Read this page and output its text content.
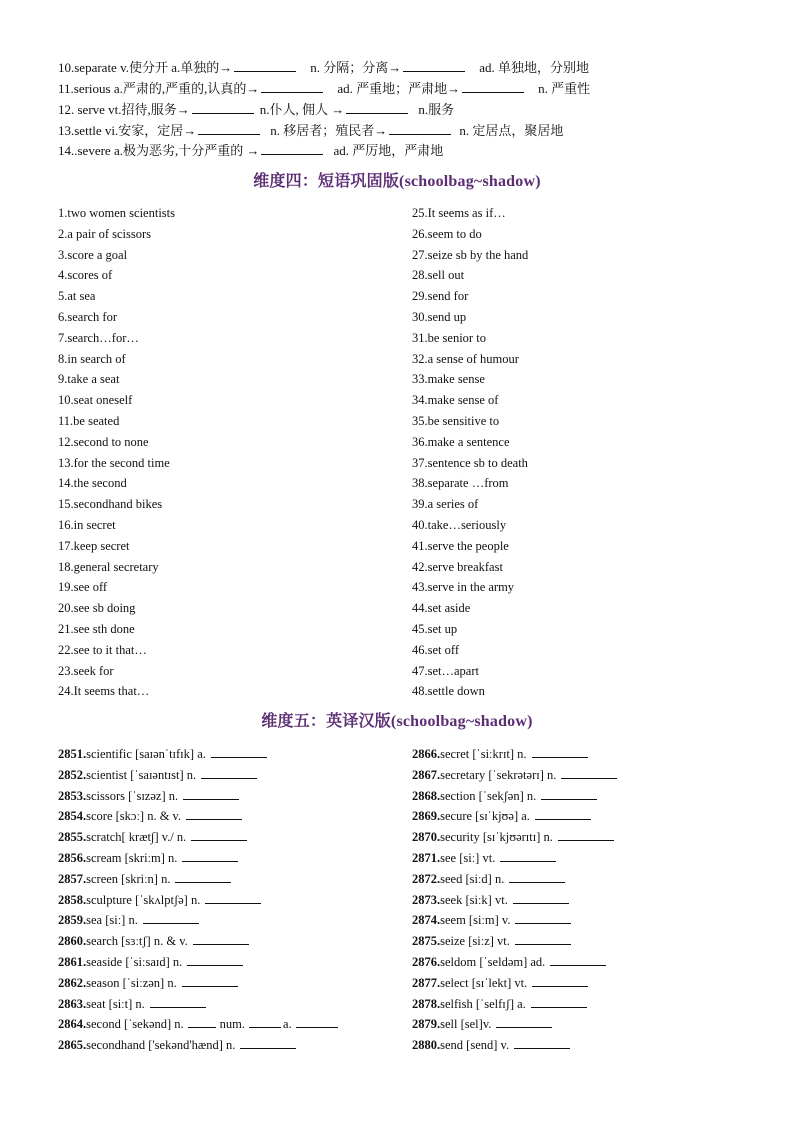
10.separate v.使分开 a.单独的→	n. 分隔；分离→	ad. 单独地，分别地
11.serious a.严肃的,严重的,认真的→	ad. 严重地；严肃地→	n. 严重性
12. serve vt.招待,服务→	n.仆人, 佣人 →	n.服务
13.settle vi.安家，定居→	n. 移居者；殖民者→	n. 定居点，聚居地
14..severe a.极为恶劣,十分严重的 →	ad. 严厉地，严肃地
维度四：短语巩固版(schoolbag~shadow)
1.two women scientists
2.a pair of scissors
3.score a goal
4.scores of
5.at sea
6.search for
7.search…for…
8.in search of
9.take a seat
10.seat oneself
11.be seated
12.second to none
13.for the second time
14.the second
15.secondhand bikes
16.in secret
17.keep secret
18.general secretary
19.see off
20.see sb doing
21.see sth done
22.see to it that…
23.seek for
24.It seems that…
25.It seems as if…
26.seem to do
27.seize sb by the hand
28.sell out
29.send for
30.send up
31.be senior to
32.a sense of humour
33.make sense
34.make sense of
35.be sensitive to
36.make a sentence
37.sentence sb to death
38.separate …from
39.a series of
40.take…seriously
41.serve the people
42.serve breakfast
43.serve in the army
44.set aside
45.set up
46.set off
47.set…apart
48.settle down
维度五：英译汉版(schoolbag~shadow)
2851.scientific [saɪənˈtɪfɪk] a.
2852.scientist [ˈsaɪəntɪst] n.
2853.scissors [ˈsɪzəz] n.
2854.score [skɔː] n. & v.
2855.scratch[ kræt∫] v./ n.
2856.scream [skriːm] n.
2857.screen [skriːn] n.
2858.sculpture [ˈskʌlptʃə] n.
2859.sea [siː] n.
2860.search [sɜːtʃ] n. & v.
2861.seaside [ˈsiːsaɪd] n.
2862.season [ˈsiːzən] n.
2863.seat [siːt] n.
2864.second [ˈsekənd] n.	num.	a.
2865.secondhand ['sekənd'hænd] n.
2866.secret [ˈsiːkrɪt] n.
2867.secretary [ˈsekrətərɪ] n.
2868.section [ˈsekʃən] n.
2869.secure [sɪˈkjʊə] a.
2870.security [sɪˈkjʊərɪtɪ] n.
2871.see [siː] vt.
2872.seed [siːd] n.
2873.seek [siːk] vt.
2874.seem [siːm] v.
2875.seize [siːz] vt.
2876.seldom [ˈseldəm] ad.
2877.select [sɪˈlekt] vt.
2878.selfish [ˈselfɪʃ] a.
2879.sell [sel]v.
2880.send [send] v.
